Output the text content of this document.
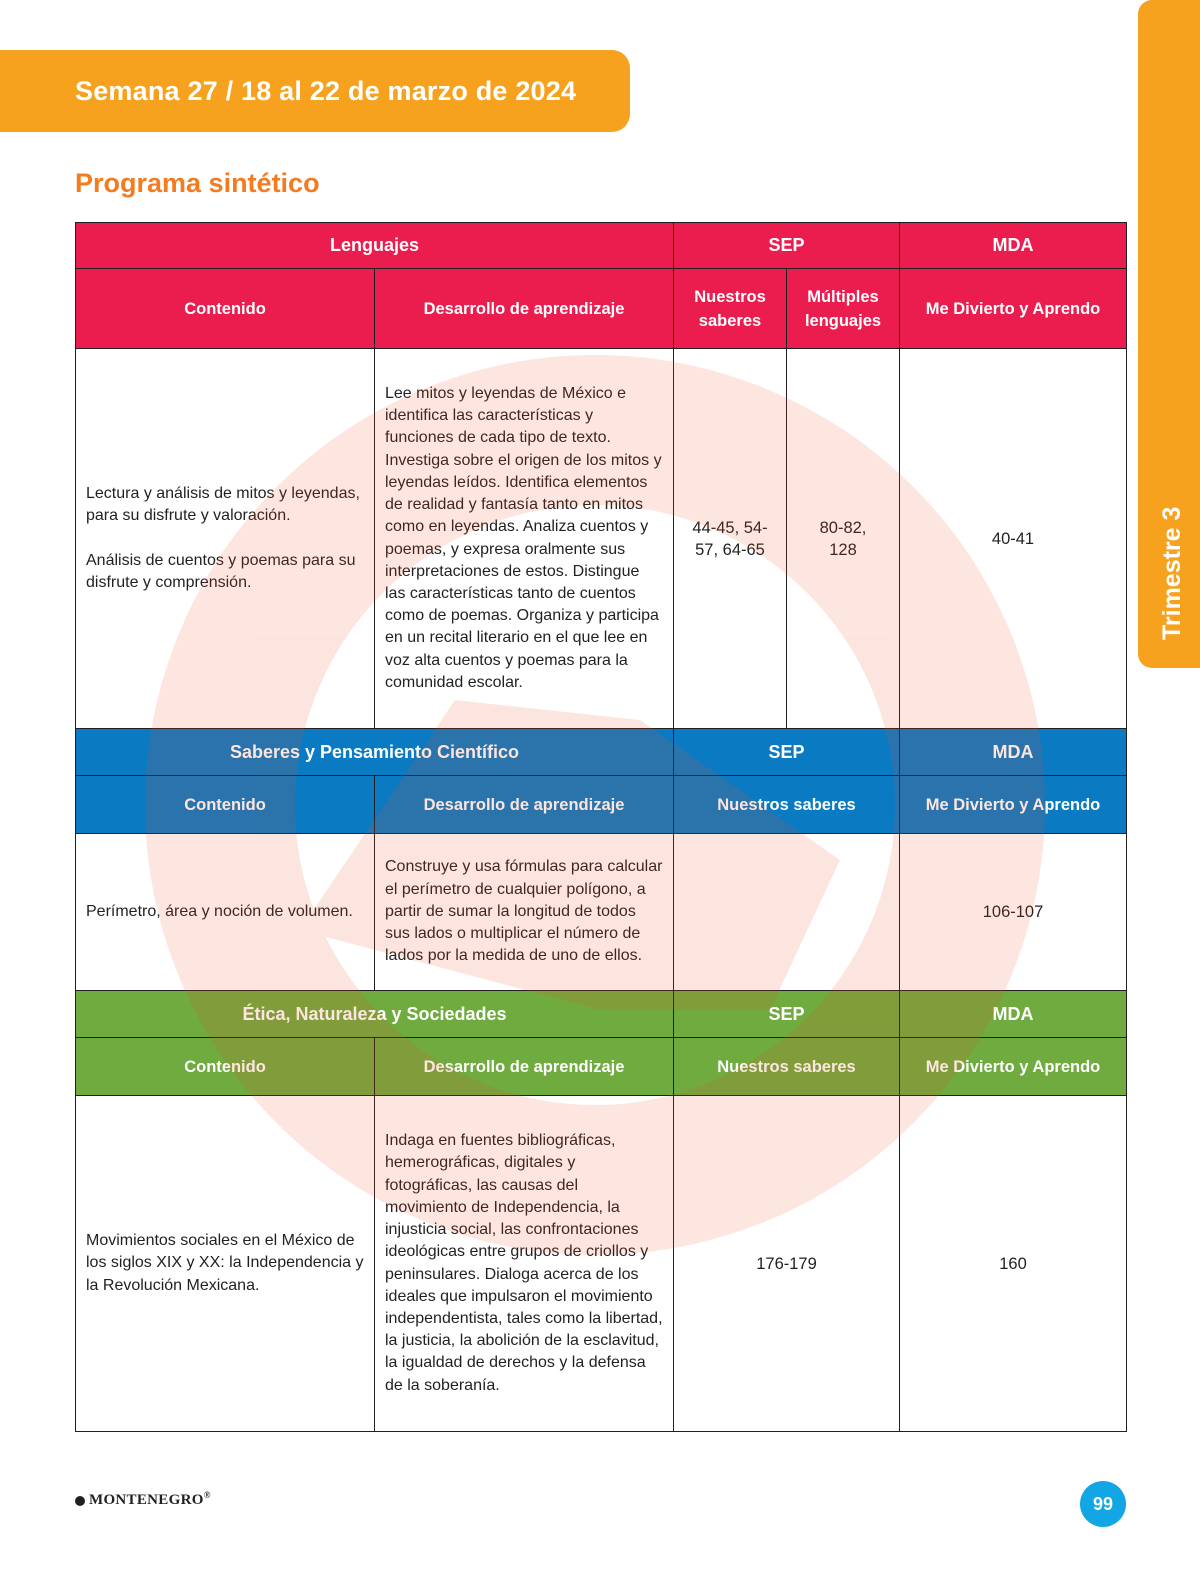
Semana 27 / 18 al 22 de marzo de 2024
Trimestre 3
Programa sintético
Lenguajes		SEP		MDA
Contenido	Desarrollo de aprendizaje	Nuestros saberes	Múltiples lenguajes	Me Divierto y Aprendo

Lectura y análisis de mitos y leyendas, para su disfrute y valoración.
Análisis de cuentos y poemas para su disfrute y comprensión.	Lee mitos y leyendas de México e identifica las características y funciones de cada tipo de texto. Investiga sobre el origen de los mitos y leyendas leídos. Identifica elementos de realidad y fantasía tanto en mitos como en leyendas. Analiza cuentos y poemas, y expresa oralmente sus interpretaciones de estos. Distingue las características tanto de cuentos como de poemas. Organiza y participa en un recital literario en el que lee en voz alta cuentos y poemas para la comunidad escolar.	44-45, 54-57, 64-65	80-82, 128	40-41
Saberes y Pensamiento Científico		SEP		MDA
Contenido	Desarrollo de aprendizaje	Nuestros saberes		Me Divierto y Aprendo
Perímetro, área y noción de volumen.	Construye y usa fórmulas para calcular el perímetro de cualquier polígono, a partir de sumar la longitud de todos sus lados o multiplicar el número de lados por la medida de uno de ellos.			106-107
Ética, Naturaleza y Sociedades		SEP		MDA
Contenido	Desarrollo de aprendizaje	Nuestros saberes		Me Divierto y Aprendo
Movimientos sociales en el México de los siglos XIX y XX: la Independencia y la Revolución Mexicana.	Indaga en fuentes bibliográficas, hemerográficas, digitales y fotográficas, las causas del movimiento de Independencia, la injusticia social, las confrontaciones ideológicas entre grupos de criollos y peninsulares. Dialoga acerca de los ideales que impulsaron el movimiento independentista, tales como la libertad, la justicia, la abolición de la esclavitud, la igualdad de derechos y la defensa de la soberanía.	176-179		160
MONTENEGRO®	99
